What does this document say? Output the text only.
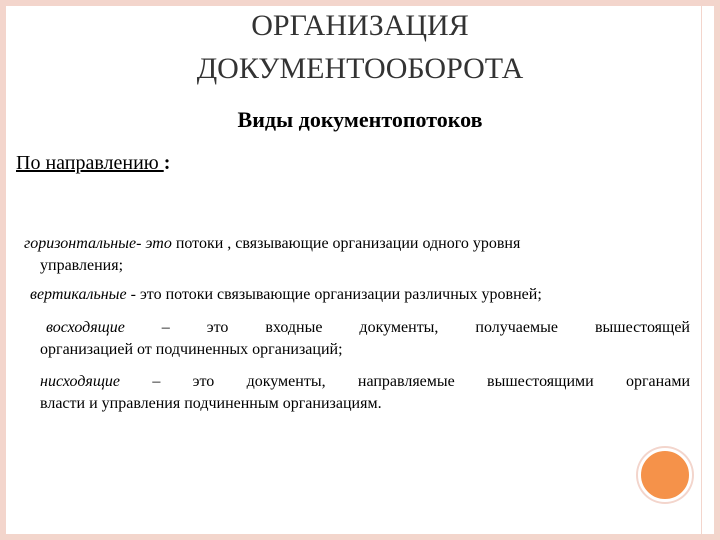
ОРГАНИЗАЦИЯ
ДОКУМЕНТООБОРОТА
Виды документопотоков

По направлению :

горизонтальные- это потоки , связывающие организации одного уровня
управления;

вертикальные - это потоки связывающие организации различных уровней;

восходящие – это входные документы, получаемые вышестоящей
организацией от подчиненных организаций;

нисходящие – это документы, направляемые вышестоящими органами
власти и управления подчиненным организациям.
